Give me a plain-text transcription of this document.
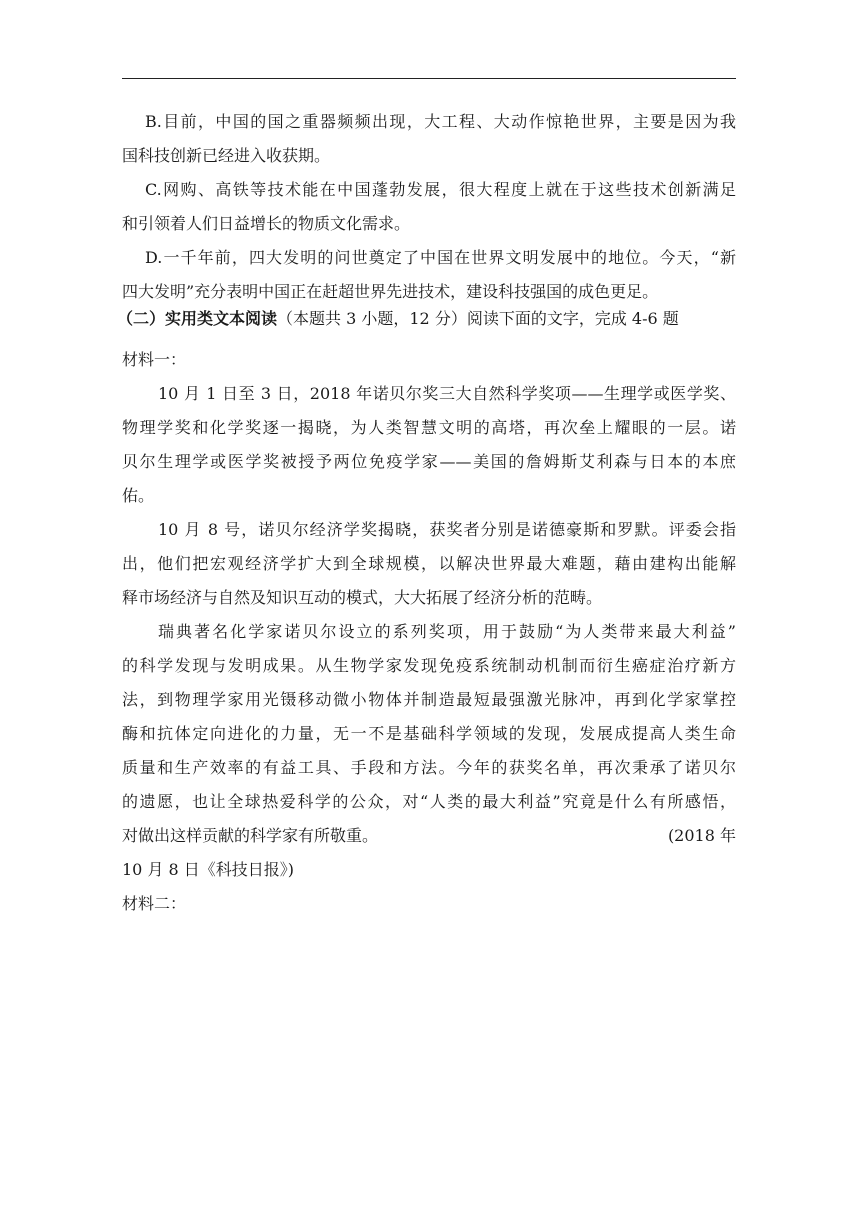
B.目前，中国的国之重器频频出现，大工程、大动作惊艳世界，主要是因为我
国科技创新已经进入收获期。
C.网购、高铁等技术能在中国蓬勃发展，很大程度上就在于这些技术创新满足
和引领着人们日益增长的物质文化需求。
D.一千年前，四大发明的问世奠定了中国在世界文明发展中的地位。今天，“新
四大发明”充分表明中国正在赶超世界先进技术，建设科技强国的成色更足。
（二）实用类文本阅读（本题共 3 小题，12 分）阅读下面的文字，完成 4-6 题
材料一：
10 月 1 日至 3 日，2018 年诺贝尔奖三大自然科学奖项——生理学或医学奖、
物理学奖和化学奖逐一揭晓，为人类智慧文明的高塔，再次垒上耀眼的一层。诺
贝尔生理学或医学奖被授予两位免疫学家——美国的詹姆斯艾利森与日本的本庶
佑。
10 月 8 号，诺贝尔经济学奖揭晓，获奖者分别是诺德豪斯和罗默。评委会指
出，他们把宏观经济学扩大到全球规模，以解决世界最大难题，藉由建构出能解
释市场经济与自然及知识互动的模式，大大拓展了经济分析的范畴。
瑞典著名化学家诺贝尔设立的系列奖项，用于鼓励“为人类带来最大利益”
的科学发现与发明成果。从生物学家发现免疫系统制动机制而衍生癌症治疗新方
法，到物理学家用光镊移动微小物体并制造最短最强激光脉冲，再到化学家掌控
酶和抗体定向进化的力量，无一不是基础科学领域的发现，发展成提高人类生命
质量和生产效率的有益工具、手段和方法。今年的获奖名单，再次秉承了诺贝尔
的遗愿，也让全球热爱科学的公众，对“人类的最大利益”究竟是什么有所感悟，
对做出这样贡献的科学家有所敬重。	(2018 年
10 月 8 日《科技日报》)
材料二：
